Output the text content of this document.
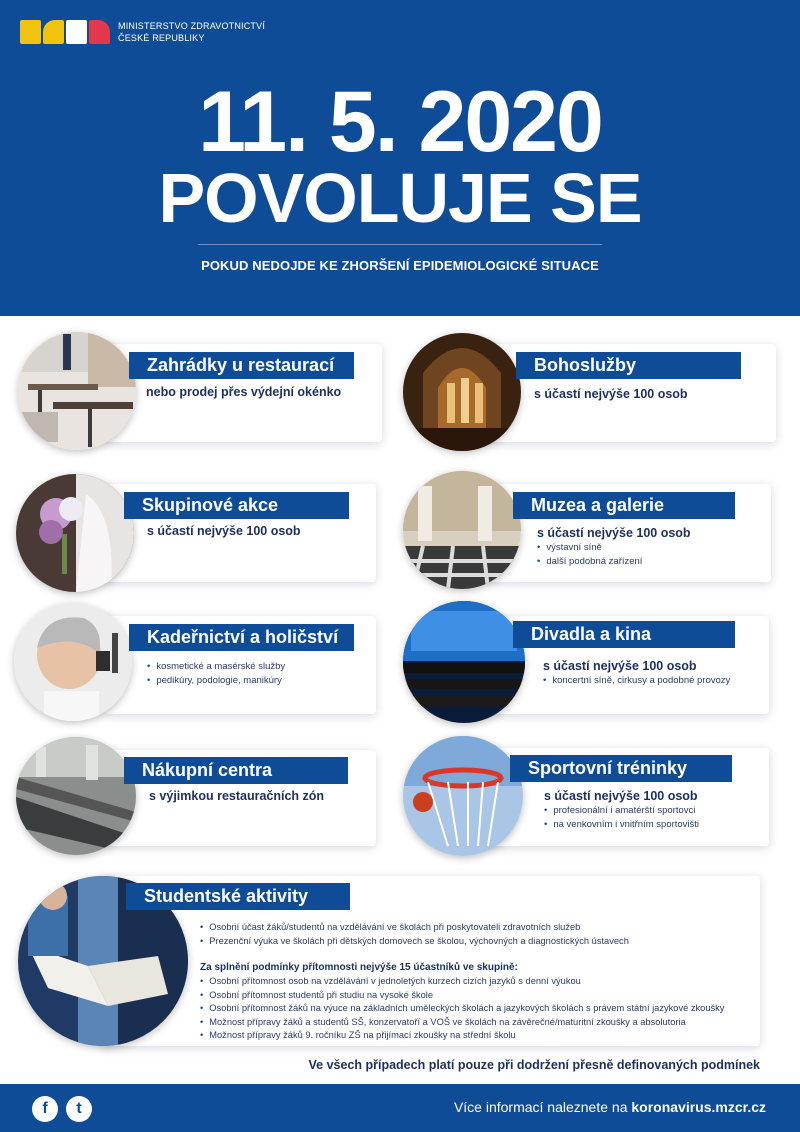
MINISTERSTVO ZDRAVOTNICTVÍ
ČESKÉ REPUBLIKY
11. 5. 2020
POVOLUJE SE
POKUD NEDOJDE KE ZHORŠENÍ EPIDEMIOLOGICKÉ SITUACE
Zahrádky u restaurací
nebo prodej přes výdejní okénko
Bohoslužby
s účastí nejvýše 100 osob
Skupinové akce
s účastí nejvýše 100 osob
Muzea a galerie
s účastí nejvýše 100 osob
• výstavní síně
• další podobná zařízení
Kadeřnictví a holičství
• kosmetické a masérské služby
• pedikúry, podologie, manikúry
Divadla a kina
s účastí nejvýše 100 osob
• koncertní síně, cirkusy a podobné provozy
Nákupní centra
s výjimkou restauračních zón
Sportovní tréninky
s účastí nejvýše 100 osob
• profesionální i amatérští sportovci
• na venkovním i vnitřním sportovišti
Studentské aktivity
• Osobní účast žáků/studentů na vzdělávání ve školách při poskytovateli zdravotních služeb
• Prezenční výuka ve školách při dětských domovech se školou, výchovných a diagnostických ústavech
Za splnění podmínky přítomnosti nejvýše 15 účastníků ve skupině:
• Osobní přítomnost osob na vzdělávání v jednoletých kurzech cizích jazyků s denní výukou
• Osobní přítomnost studentů při studiu na vysoké škole
• Osobní přítomnost žáků na výuce na základních uměleckých školách a jazykových školách s právem státní jazykové zkoušky
• Možnost přípravy žáků a studentů SŠ, konzervatoří a VOŠ ve školách na závěrečné/maturitní zkoušky a absolutoria
• Možnost přípravy žáků 9. ročníku ZŠ na přijímací zkoušky na střední školu
Ve všech případech platí pouze při dodržení přesně definovaných podmínek
f	t	Více informací naleznete na koronavirus.mzcr.cz
